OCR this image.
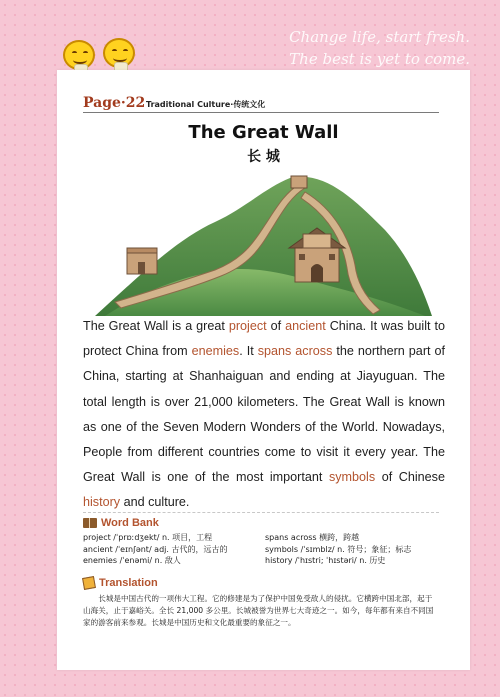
Change life, start fresh.
The best is yet to come.
Page·22 Traditional Culture·传统文化
The Great Wall
长 城
The Great Wall is a great project of ancient China. It was built to protect China from enemies. It spans across the northern part of China, starting at Shanhaiguan and ending at Jiayuguan. The total length is over 21,000 kilometers. The Great Wall is known as one of the Seven Modern Wonders of the World. Nowadays, People from different countries come to visit it every year. The Great Wall is one of the most important symbols of Chinese history and culture.
Word Bank
project /ˈprɒːdʒekt/ n. 项目，工程	spans across 横跨，跨越
ancient /ˈeɪnʃənt/ adj. 古代的，远古的	symbols /ˈsɪmblz/ n. 符号；象征；标志
enemies /ˈenəmi/ n. 敌人	history /ˈhɪstri; ˈhɪstəri/ n. 历史
Translation
长城是中国古代的一项伟大工程。它的修建是为了保护中国免受敌人的侵扰。它横跨中国北部，起于山海关，止于嘉峪关。全长 21,000 多公里。长城被誉为世界七大奇迹之一。如今，每年都有来自不同国家的游客前来参观。长城是中国历史和文化最重要的象征之一。
